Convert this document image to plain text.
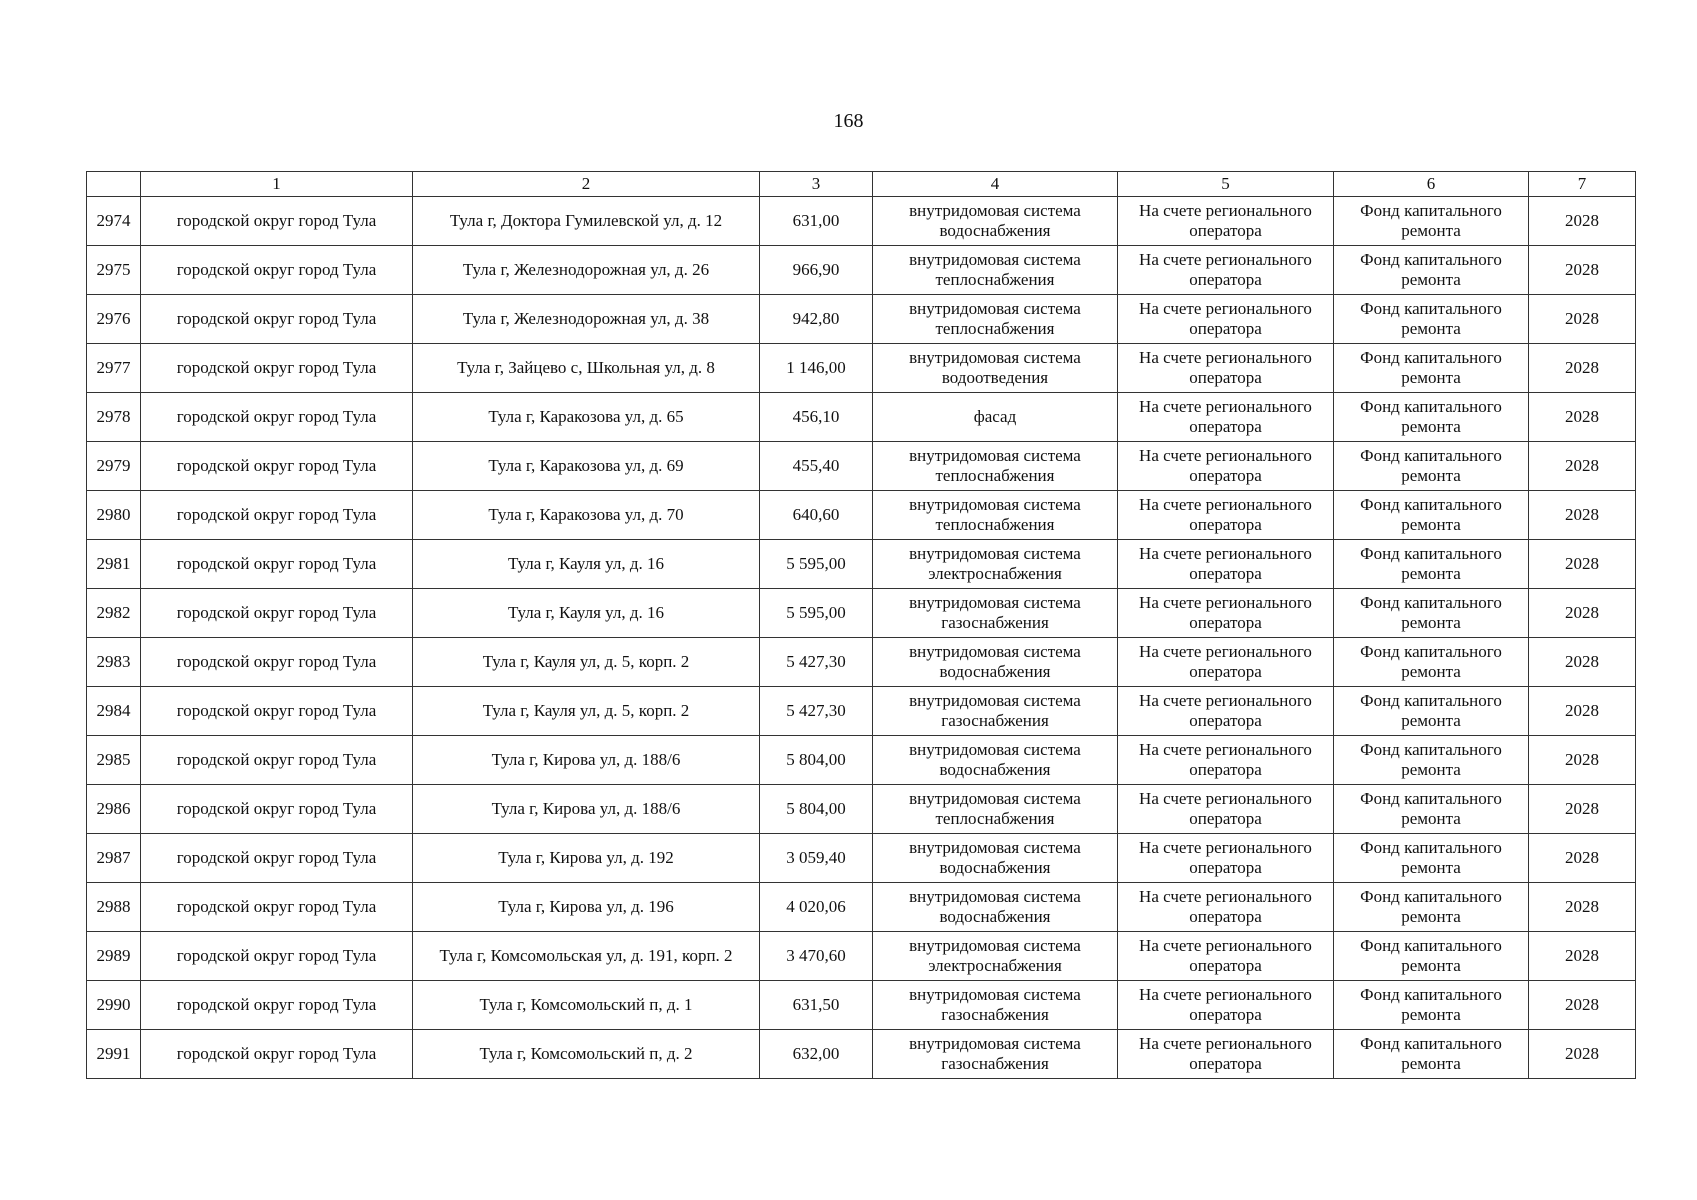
168
	1	2	3	4	5	6	7
2974	городской округ город Тула	Тула г, Доктора Гумилевской ул, д. 12	631,00	внутридомовая система водоснабжения	На счете регионального оператора	Фонд капитального ремонта	2028
2975	городской округ город Тула	Тула г, Железнодорожная ул, д. 26	966,90	внутридомовая система теплоснабжения	На счете регионального оператора	Фонд капитального ремонта	2028
2976	городской округ город Тула	Тула г, Железнодорожная ул, д. 38	942,80	внутридомовая система теплоснабжения	На счете регионального оператора	Фонд капитального ремонта	2028
2977	городской округ город Тула	Тула г, Зайцево с, Школьная ул, д. 8	1 146,00	внутридомовая система водоотведения	На счете регионального оператора	Фонд капитального ремонта	2028
2978	городской округ город Тула	Тула г, Каракозова ул, д. 65	456,10	фасад	На счете регионального оператора	Фонд капитального ремонта	2028
2979	городской округ город Тула	Тула г, Каракозова ул, д. 69	455,40	внутридомовая система теплоснабжения	На счете регионального оператора	Фонд капитального ремонта	2028
2980	городской округ город Тула	Тула г, Каракозова ул, д. 70	640,60	внутридомовая система теплоснабжения	На счете регионального оператора	Фонд капитального ремонта	2028
2981	городской округ город Тула	Тула г, Кауля ул, д. 16	5 595,00	внутридомовая система электроснабжения	На счете регионального оператора	Фонд капитального ремонта	2028
2982	городской округ город Тула	Тула г, Кауля ул, д. 16	5 595,00	внутридомовая система газоснабжения	На счете регионального оператора	Фонд капитального ремонта	2028
2983	городской округ город Тула	Тула г, Кауля ул, д. 5, корп. 2	5 427,30	внутридомовая система водоснабжения	На счете регионального оператора	Фонд капитального ремонта	2028
2984	городской округ город Тула	Тула г, Кауля ул, д. 5, корп. 2	5 427,30	внутридомовая система газоснабжения	На счете регионального оператора	Фонд капитального ремонта	2028
2985	городской округ город Тула	Тула г, Кирова ул, д. 188/6	5 804,00	внутридомовая система водоснабжения	На счете регионального оператора	Фонд капитального ремонта	2028
2986	городской округ город Тула	Тула г, Кирова ул, д. 188/6	5 804,00	внутридомовая система теплоснабжения	На счете регионального оператора	Фонд капитального ремонта	2028
2987	городской округ город Тула	Тула г, Кирова ул, д. 192	3 059,40	внутридомовая система водоснабжения	На счете регионального оператора	Фонд капитального ремонта	2028
2988	городской округ город Тула	Тула г, Кирова ул, д. 196	4 020,06	внутридомовая система водоснабжения	На счете регионального оператора	Фонд капитального ремонта	2028
2989	городской округ город Тула	Тула г, Комсомольская ул, д. 191, корп. 2	3 470,60	внутридомовая система электроснабжения	На счете регионального оператора	Фонд капитального ремонта	2028
2990	городской округ город Тула	Тула г, Комсомольский п, д. 1	631,50	внутридомовая система газоснабжения	На счете регионального оператора	Фонд капитального ремонта	2028
2991	городской округ город Тула	Тула г, Комсомольский п, д. 2	632,00	внутридомовая система газоснабжения	На счете регионального оператора	Фонд капитального ремонта	2028
